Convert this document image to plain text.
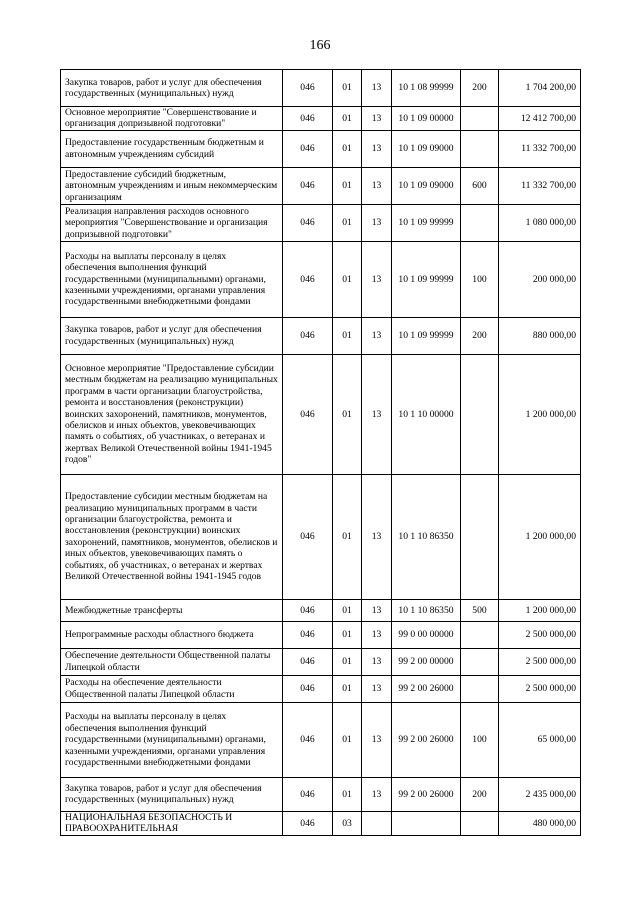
166
Закупка товаров, работ и услуг для обеспечения государственных (муниципальных) нужд	046	01	13	10 1 08 99999	200	1 704 200,00
Основное мероприятие "Совершенствование и организация допризывной подготовки"	046	01	13	10 1 09 00000		12 412 700,00
Предоставление государственным бюджетным и автономным учреждениям субсидий	046	01	13	10 1 09 09000		11 332 700,00
Предоставление субсидий бюджетным, автономным учреждениям и иным некоммерческим организациям	046	01	13	10 1 09 09000	600	11 332 700,00
Реализация направления расходов основного мероприятия "Совершенствование и организация допризывной подготовки"	046	01	13	10 1 09 99999		1 080 000,00
Расходы на выплаты персоналу в целях обеспечения выполнения функций государственными (муниципальными) органами, казенными учреждениями, органами управления государственными внебюджетными фондами	046	01	13	10 1 09 99999	100	200 000,00
Закупка товаров, работ и услуг для обеспечения государственных (муниципальных) нужд	046	01	13	10 1 09 99999	200	880 000,00
Основное мероприятие "Предоставление субсидии местным бюджетам на реализацию муниципальных программ в части организации благоустройства, ремонта и восстановления (реконструкции) воинских захоронений, памятников, монументов, обелисков и иных объектов, увековечивающих память о событиях, об участниках, о ветеранах и жертвах Великой Отечественной войны 1941-1945 годов"	046	01	13	10 1 10 00000		1 200 000,00
Предоставление субсидии местным бюджетам на реализацию муниципальных программ в части организации благоустройства, ремонта и восстановления (реконструкции) воинских захоронений, памятников, монументов, обелисков и иных объектов, увековечивающих память о событиях, об участниках, о ветеранах и жертвах Великой Отечественной войны 1941-1945 годов	046	01	13	10 1 10 86350		1 200 000,00
Межбюджетные трансферты	046	01	13	10 1 10 86350	500	1 200 000,00
Непрограммные расходы областного бюджета	046	01	13	99 0 00 00000		2 500 000,00
Обеспечение деятельности Общественной палаты Липецкой области	046	01	13	99 2 00 00000		2 500 000,00
Расходы на обеспечение деятельности Общественной палаты Липецкой области	046	01	13	99 2 00 26000		2 500 000,00
Расходы на выплаты персоналу в целях обеспечения выполнения функций государственными (муниципальными) органами, казенными учреждениями, органами управления государственными внебюджетными фондами	046	01	13	99 2 00 26000	100	65 000,00
Закупка товаров, работ и услуг для обеспечения государственных (муниципальных) нужд	046	01	13	99 2 00 26000	200	2 435 000,00
НАЦИОНАЛЬНАЯ БЕЗОПАСНОСТЬ И ПРАВООХРАНИТЕЛЬНАЯ	046	03				480 000,00
